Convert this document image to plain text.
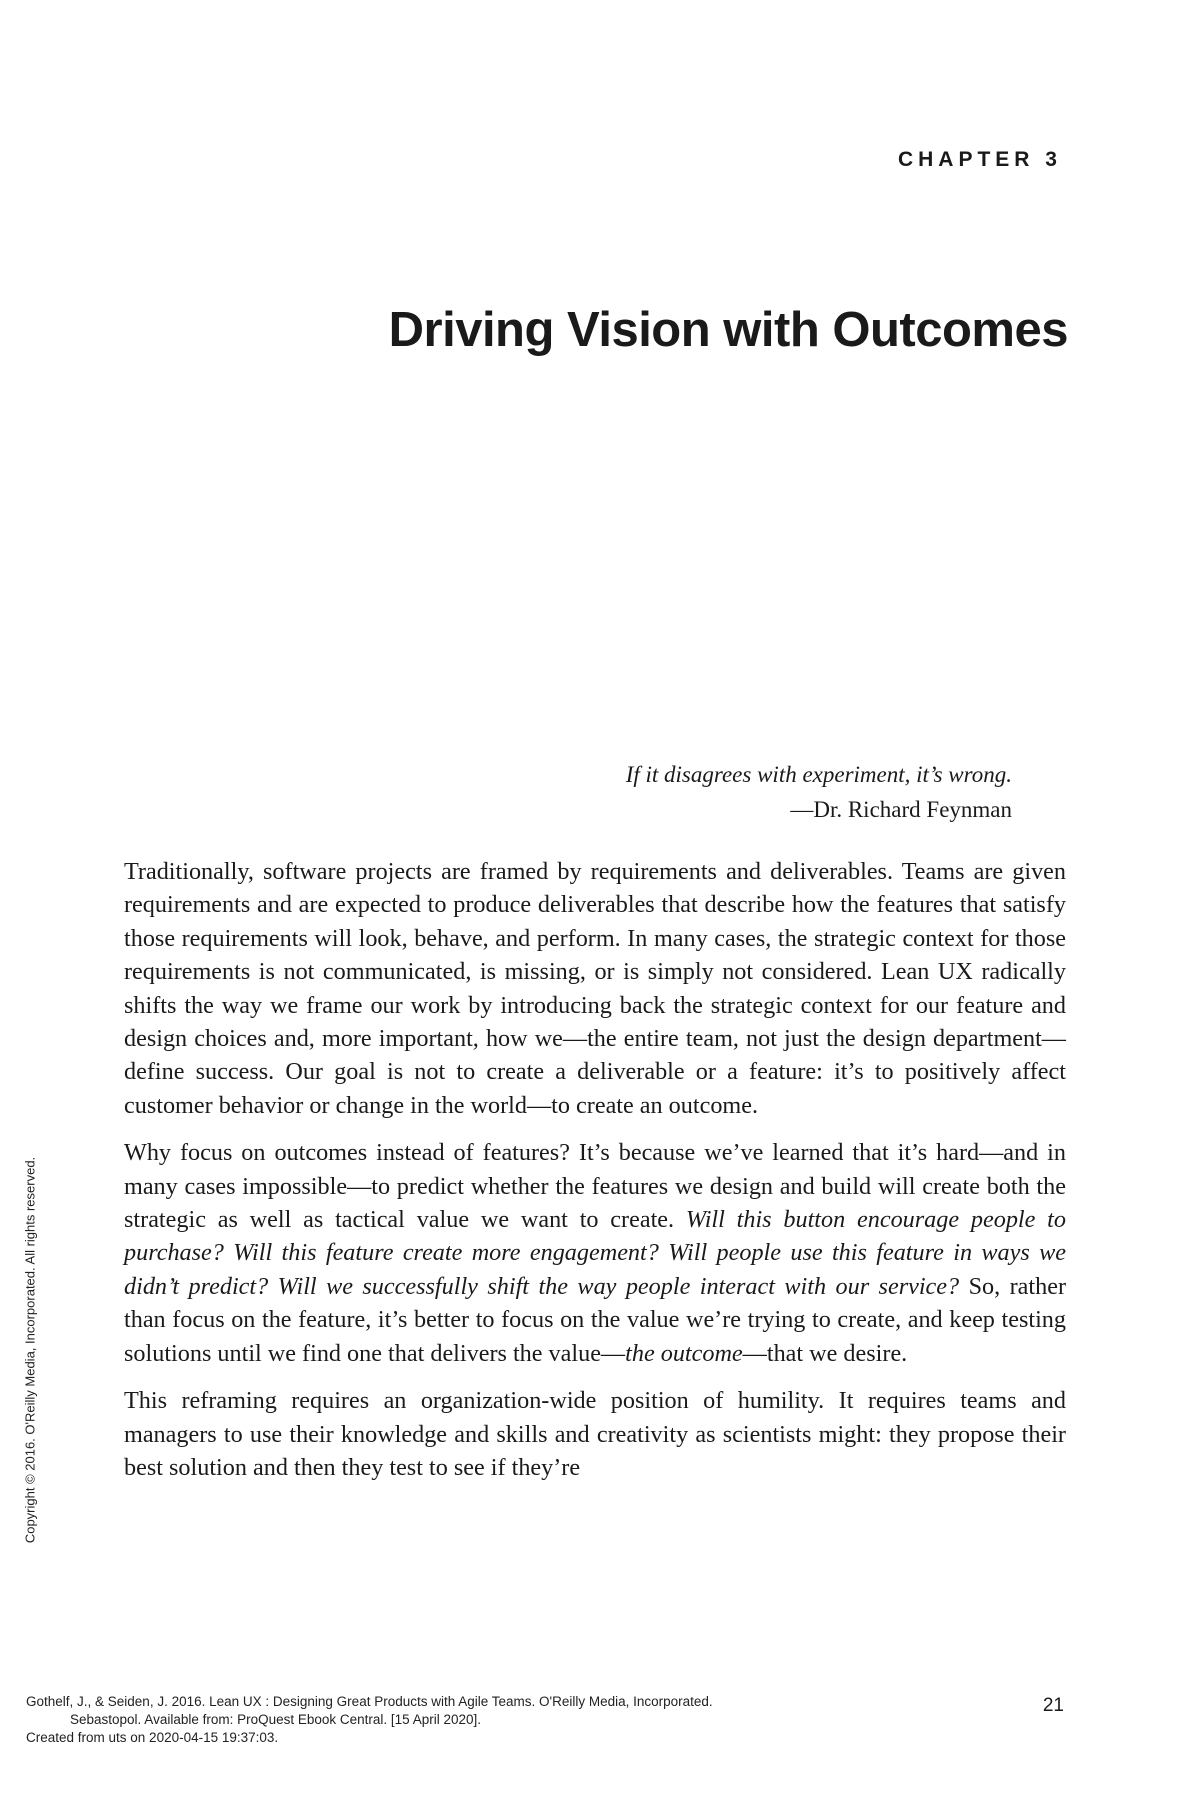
CHAPTER 3
Driving Vision with Outcomes
If it disagrees with experiment, it’s wrong.
—Dr. Richard Feynman

Traditionally, software projects are framed by requirements and deliverables. Teams are given requirements and are expected to produce deliverables that describe how the features that satisfy those requirements will look, behave, and perform. In many cases, the strategic context for those requirements is not communicated, is missing, or is simply not considered. Lean UX radically shifts the way we frame our work by introducing back the strategic context for our feature and design choices and, more important, how we—the entire team, not just the design department—define success. Our goal is not to create a deliverable or a feature: it’s to positively affect customer behavior or change in the world—to create an outcome.

Why focus on outcomes instead of features? It’s because we’ve learned that it’s hard—and in many cases impossible—to predict whether the features we design and build will create both the strategic as well as tactical value we want to create. Will this button encourage people to purchase? Will this feature create more engagement? Will people use this feature in ways we didn’t predict? Will we successfully shift the way people interact with our service? So, rather than focus on the feature, it’s better to focus on the value we’re trying to create, and keep testing solutions until we find one that delivers the value—the outcome—that we desire.

This reframing requires an organization-wide position of humility. It requires teams and managers to use their knowledge and skills and creativity as scientists might: they propose their best solution and then they test to see if they’re

Copyright © 2016. O'Reilly Media, Incorporated. All rights reserved.
Gothelf, J., & Seiden, J. 2016. Lean UX : Designing Great Products with Agile Teams. O'Reilly Media, Incorporated.
Sebastopol. Available from: ProQuest Ebook Central. [15 April 2020].
Created from uts on 2020-04-15 19:37:03.
21
